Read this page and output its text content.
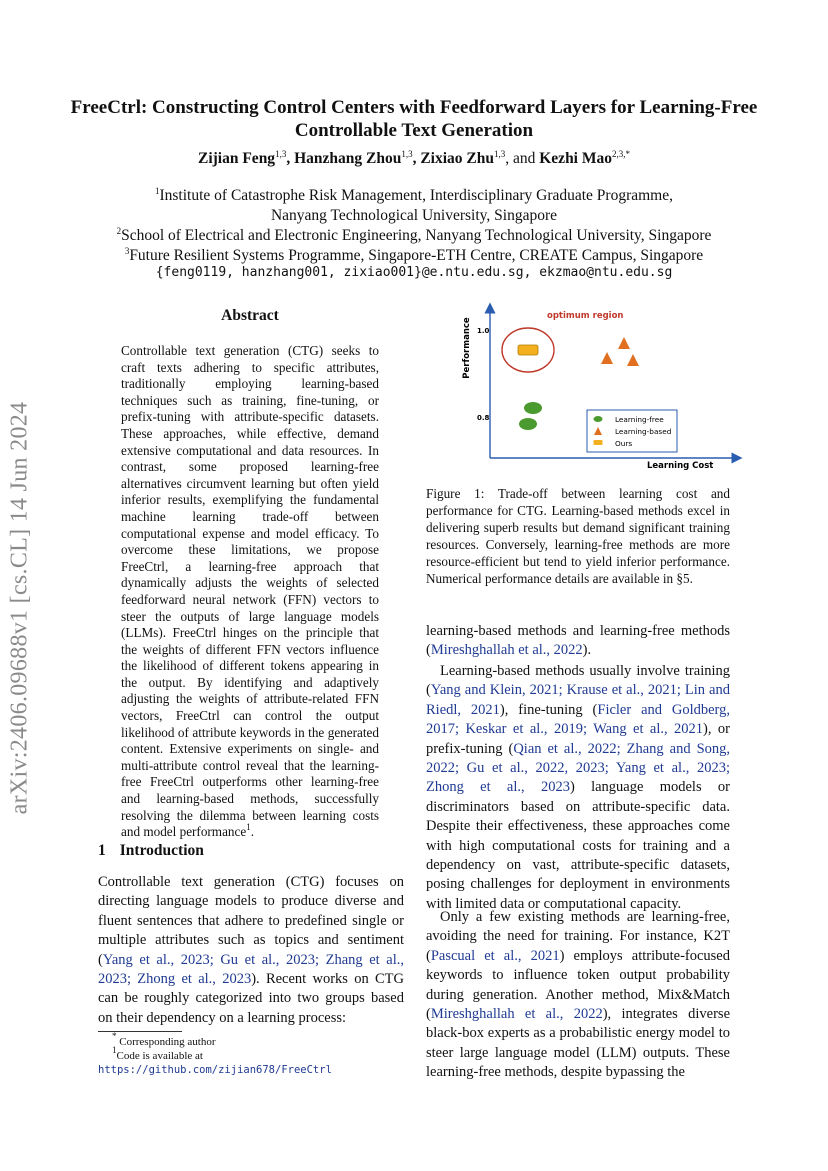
arXiv:2406.09688v1 [cs.CL] 14 Jun 2024
FreeCtrl: Constructing Control Centers with Feedforward Layers for Learning-Free Controllable Text Generation
Zijian Feng$^{1,3}$, Hanzhang Zhou$^{1,3}$, Zixiao Zhu$^{1,3}$, and Kezhi Mao$^{2,3,*}$
$^1$Institute of Catastrophe Risk Management, Interdisciplinary Graduate Programme,
Nanyang Technological University, Singapore
$^2$School of Electrical and Electronic Engineering, Nanyang Technological University, Singapore
$^3$Future Resilient Systems Programme, Singapore-ETH Centre, CREATE Campus, Singapore
{feng0119, hanzhang001, zixiao001}@e.ntu.edu.sg, ekzmao@ntu.edu.sg
Abstract
Controllable text generation (CTG) seeks to craft texts adhering to specific attributes, traditionally employing learning-based techniques such as training, fine-tuning, or prefix-tuning with attribute-specific datasets. These approaches, while effective, demand extensive computational and data resources. In contrast, some proposed learning-free alternatives circumvent learning but often yield inferior results, exemplifying the fundamental machine learning trade-off between computational expense and model efficacy. To overcome these limitations, we propose FreeCtrl, a learning-free approach that dynamically adjusts the weights of selected feedforward neural network (FFN) vectors to steer the outputs of large language models (LLMs). FreeCtrl hinges on the principle that the weights of different FFN vectors influence the likelihood of different tokens appearing in the output. By identifying and adaptively adjusting the weights of attribute-related FFN vectors, FreeCtrl can control the output likelihood of attribute keywords in the generated content. Extensive experiments on single- and multi-attribute control reveal that the learning-free FreeCtrl outperforms other learning-free and learning-based methods, successfully resolving the dilemma between learning costs and model performance$^1$.
1 Introduction
Controllable text generation (CTG) focuses on directing language models to produce diverse and fluent sentences that adhere to predefined single or multiple attributes such as topics and sentiment (Yang et al., 2023; Gu et al., 2023; Zhang et al., 2023; Zhong et al., 2023). Recent works on CTG can be roughly categorized into two groups based on their dependency on a learning process:
* Corresponding author
$^1$Code is available at https://github.com/zijian678/FreeCtrl
Performance
Learning Cost
1.0
0.8
optimum region
Learning-free
Learning-based
Ours
Figure 1: Trade-off between learning cost and performance for CTG. Learning-based methods excel in delivering superb results but demand significant training resources. Conversely, learning-free methods are more resource-efficient but tend to yield inferior performance. Numerical performance details are available in §5.
learning-based methods and learning-free methods (Mireshghallah et al., 2022).
Learning-based methods usually involve training (Yang and Klein, 2021; Krause et al., 2021; Lin and Riedl, 2021), fine-tuning (Ficler and Goldberg, 2017; Keskar et al., 2019; Wang et al., 2021), or prefix-tuning (Qian et al., 2022; Zhang and Song, 2022; Gu et al., 2022, 2023; Yang et al., 2023; Zhong et al., 2023) language models or discriminators based on attribute-specific data. Despite their effectiveness, these approaches come with high computational costs for training and a dependency on vast, attribute-specific datasets, posing challenges for deployment in environments with limited data or computational capacity.
Only a few existing methods are learning-free, avoiding the need for training. For instance, K2T (Pascual et al., 2021) employs attribute-focused keywords to influence token output probability during generation. Another method, Mix&Match (Mireshghallah et al., 2022), integrates diverse black-box experts as a probabilistic energy model to steer large language model (LLM) outputs. These learning-free methods, despite bypassing the
